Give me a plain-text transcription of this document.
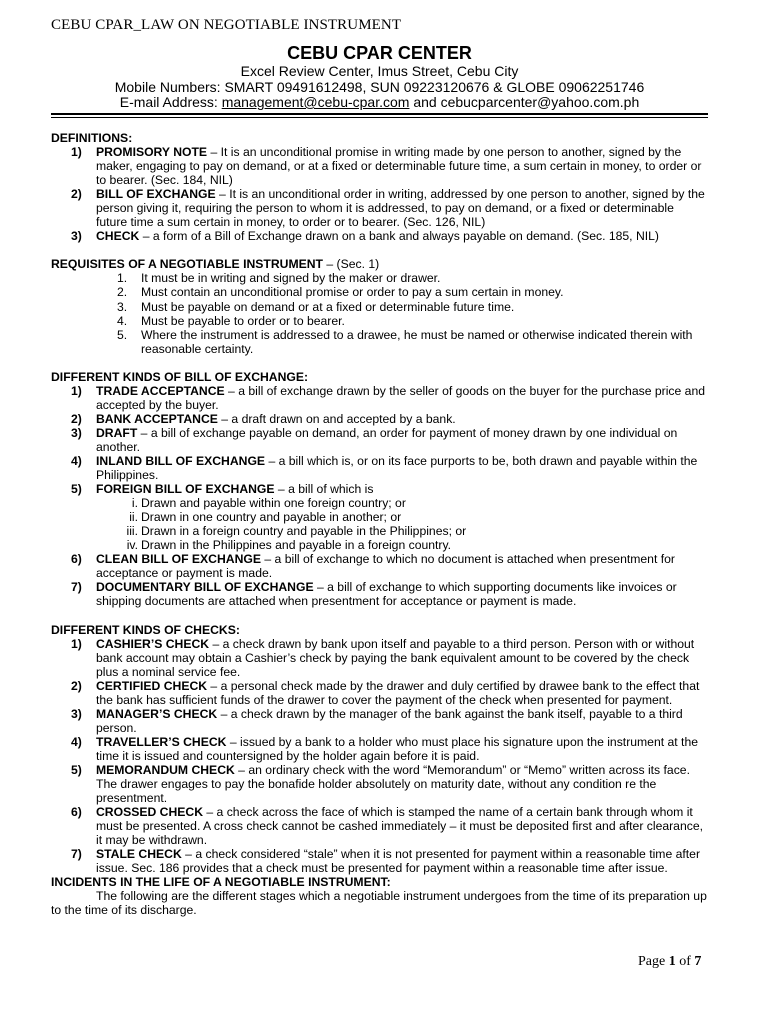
CEBU CPAR_LAW ON NEGOTIABLE INSTRUMENT
CEBU CPAR CENTER
Excel Review Center, Imus Street, Cebu City
Mobile Numbers: SMART 09491612498, SUN 09223120676 & GLOBE 09062251746
E-mail Address: management@cebu-cpar.com and cebucparcenter@yahoo.com.ph
DEFINITIONS:
1) PROMISORY NOTE – It is an unconditional promise in writing made by one person to another, signed by the maker, engaging to pay on demand, or at a fixed or determinable future time, a sum certain in money, to order or to bearer. (Sec. 184, NIL)
2) BILL OF EXCHANGE – It is an unconditional order in writing, addressed by one person to another, signed by the person giving it, requiring the person to whom it is addressed, to pay on demand, or a fixed or determinable future time a sum certain in money, to order or to bearer. (Sec. 126, NIL)
3) CHECK – a form of a Bill of Exchange drawn on a bank and always payable on demand. (Sec. 185, NIL)
REQUISITES OF A NEGOTIABLE INSTRUMENT – (Sec. 1)
1. It must be in writing and signed by the maker or drawer.
2. Must contain an unconditional promise or order to pay a sum certain in money.
3. Must be payable on demand or at a fixed or determinable future time.
4. Must be payable to order or to bearer.
5. Where the instrument is addressed to a drawee, he must be named or otherwise indicated therein with reasonable certainty.
DIFFERENT KINDS OF BILL OF EXCHANGE:
1) TRADE ACCEPTANCE – a bill of exchange drawn by the seller of goods on the buyer for the purchase price and accepted by the buyer.
2) BANK ACCEPTANCE – a draft drawn on and accepted by a bank.
3) DRAFT – a bill of exchange payable on demand, an order for payment of money drawn by one individual on another.
4) INLAND BILL OF EXCHANGE – a bill which is, or on its face purports to be, both drawn and payable within the Philippines.
5) FOREIGN BILL OF EXCHANGE – a bill of which is
i. Drawn and payable within one foreign country; or
ii. Drawn in one country and payable in another; or
iii. Drawn in a foreign country and payable in the Philippines; or
iv. Drawn in the Philippines and payable in a foreign country.
6) CLEAN BILL OF EXCHANGE – a bill of exchange to which no document is attached when presentment for acceptance or payment is made.
7) DOCUMENTARY BILL OF EXCHANGE – a bill of exchange to which supporting documents like invoices or shipping documents are attached when presentment for acceptance or payment is made.
DIFFERENT KINDS OF CHECKS:
1) CASHIER’S CHECK – a check drawn by bank upon itself and payable to a third person. Person with or without bank account may obtain a Cashier’s check by paying the bank equivalent amount to be covered by the check plus a nominal service fee.
2) CERTIFIED CHECK – a personal check made by the drawer and duly certified by drawee bank to the effect that the bank has sufficient funds of the drawer to cover the payment of the check when presented for payment.
3) MANAGER’S CHECK – a check drawn by the manager of the bank against the bank itself, payable to a third person.
4) TRAVELLER’S CHECK – issued by a bank to a holder who must place his signature upon the instrument at the time it is issued and countersigned by the holder again before it is paid.
5) MEMORANDUM CHECK – an ordinary check with the word “Memorandum” or “Memo” written across its face. The drawer engages to pay the bonafide holder absolutely on maturity date, without any condition re the presentment.
6) CROSSED CHECK – a check across the face of which is stamped the name of a certain bank through whom it must be presented. A cross check cannot be cashed immediately – it must be deposited first and after clearance, it may be withdrawn.
7) STALE CHECK – a check considered “stale” when it is not presented for payment within a reasonable time after issue. Sec. 186 provides that a check must be presented for payment within a reasonable time after issue.
INCIDENTS IN THE LIFE OF A NEGOTIABLE INSTRUMENT:
The following are the different stages which a negotiable instrument undergoes from the time of its preparation up to the time of its discharge.
Page 1 of 7
